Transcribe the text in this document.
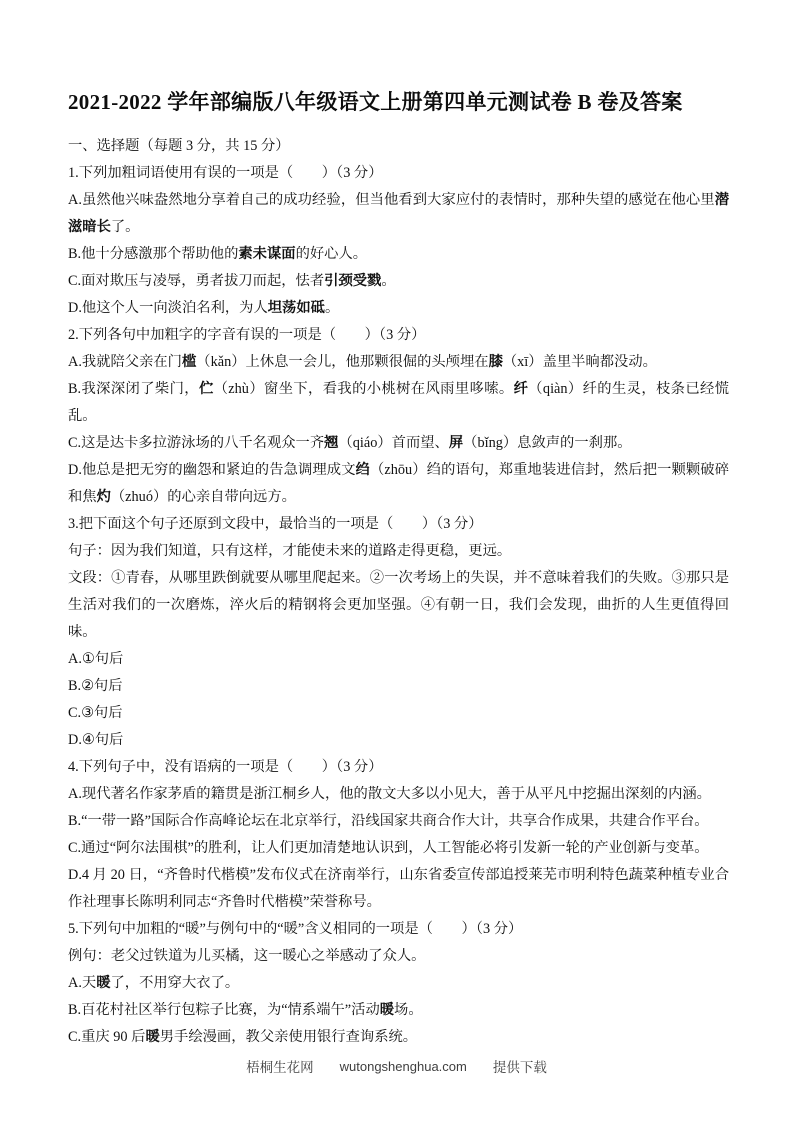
2021-2022 学年部编版八年级语文上册第四单元测试卷 B 卷及答案

一、选择题（每题 3 分，共 15 分）

1.下列加粗词语使用有误的一项是（　　）（3 分）

A.虽然他兴味盎然地分享着自己的成功经验，但当他看到大家应付的表情时，那种失望的感觉在他心里潜滋暗长了。

B.他十分感激那个帮助他的素未谋面的好心人。

C.面对欺压与凌辱，勇者拔刀而起，怯者引颈受戮。

D.他这个人一向淡泊名利，为人坦荡如砥。

2.下列各句中加粗字的字音有误的一项是（　　）（3 分）

A.我就陪父亲在门槛（kǎn）上休息一会儿，他那颗很倔的头颅埋在膝（xī）盖里半晌都没动。

B.我深深闭了柴门，伫（zhù）窗坐下，看我的小桃树在风雨里哆嗦。纤（qiàn）纤的生灵，枝条已经慌乱。

C.这是达卡多拉游泳场的八千名观众一齐翘（qiáo）首而望、屏（bǐng）息敛声的一刹那。

D.他总是把无穷的幽怨和紧迫的告急调理成文绉（zhōu）绉的语句，郑重地装进信封，然后把一颗颗破碎和焦灼（zhuó）的心亲自带向远方。

3.把下面这个句子还原到文段中，最恰当的一项是（　　）（3 分）

句子：因为我们知道，只有这样，才能使未来的道路走得更稳，更远。

文段：①青春，从哪里跌倒就要从哪里爬起来。②一次考场上的失误，并不意味着我们的失败。③那只是生活对我们的一次磨炼，淬火后的精钢将会更加坚强。④有朝一日，我们会发现，曲折的人生更值得回味。

A.①句后

B.②句后

C.③句后

D.④句后

4.下列句子中，没有语病的一项是（　　）（3 分）

A.现代著名作家茅盾的籍贯是浙江桐乡人，他的散文大多以小见大，善于从平凡中挖掘出深刻的内涵。

B.“一带一路”国际合作高峰论坛在北京举行，沿线国家共商合作大计，共享合作成果，共建合作平台。

C.通过“阿尔法围棋”的胜利，让人们更加清楚地认识到，人工智能必将引发新一轮的产业创新与变革。

D.4 月 20 日，“齐鲁时代楷模”发布仪式在济南举行，山东省委宣传部追授莱芜市明利特色蔬菜种植专业合作社理事长陈明利同志“齐鲁时代楷模”荣誉称号。

5.下列句中加粗的“暖”与例句中的“暖”含义相同的一项是（　　）（3 分）

例句：老父过铁道为儿买橘，这一暖心之举感动了众人。

A.天暖了，不用穿大衣了。

B.百花村社区举行包粽子比赛，为“情系端午”活动暖场。

C.重庆 90 后暖男手绘漫画，教父亲使用银行查询系统。

梧桐生花网 wutongshenghua.com 提供下载
